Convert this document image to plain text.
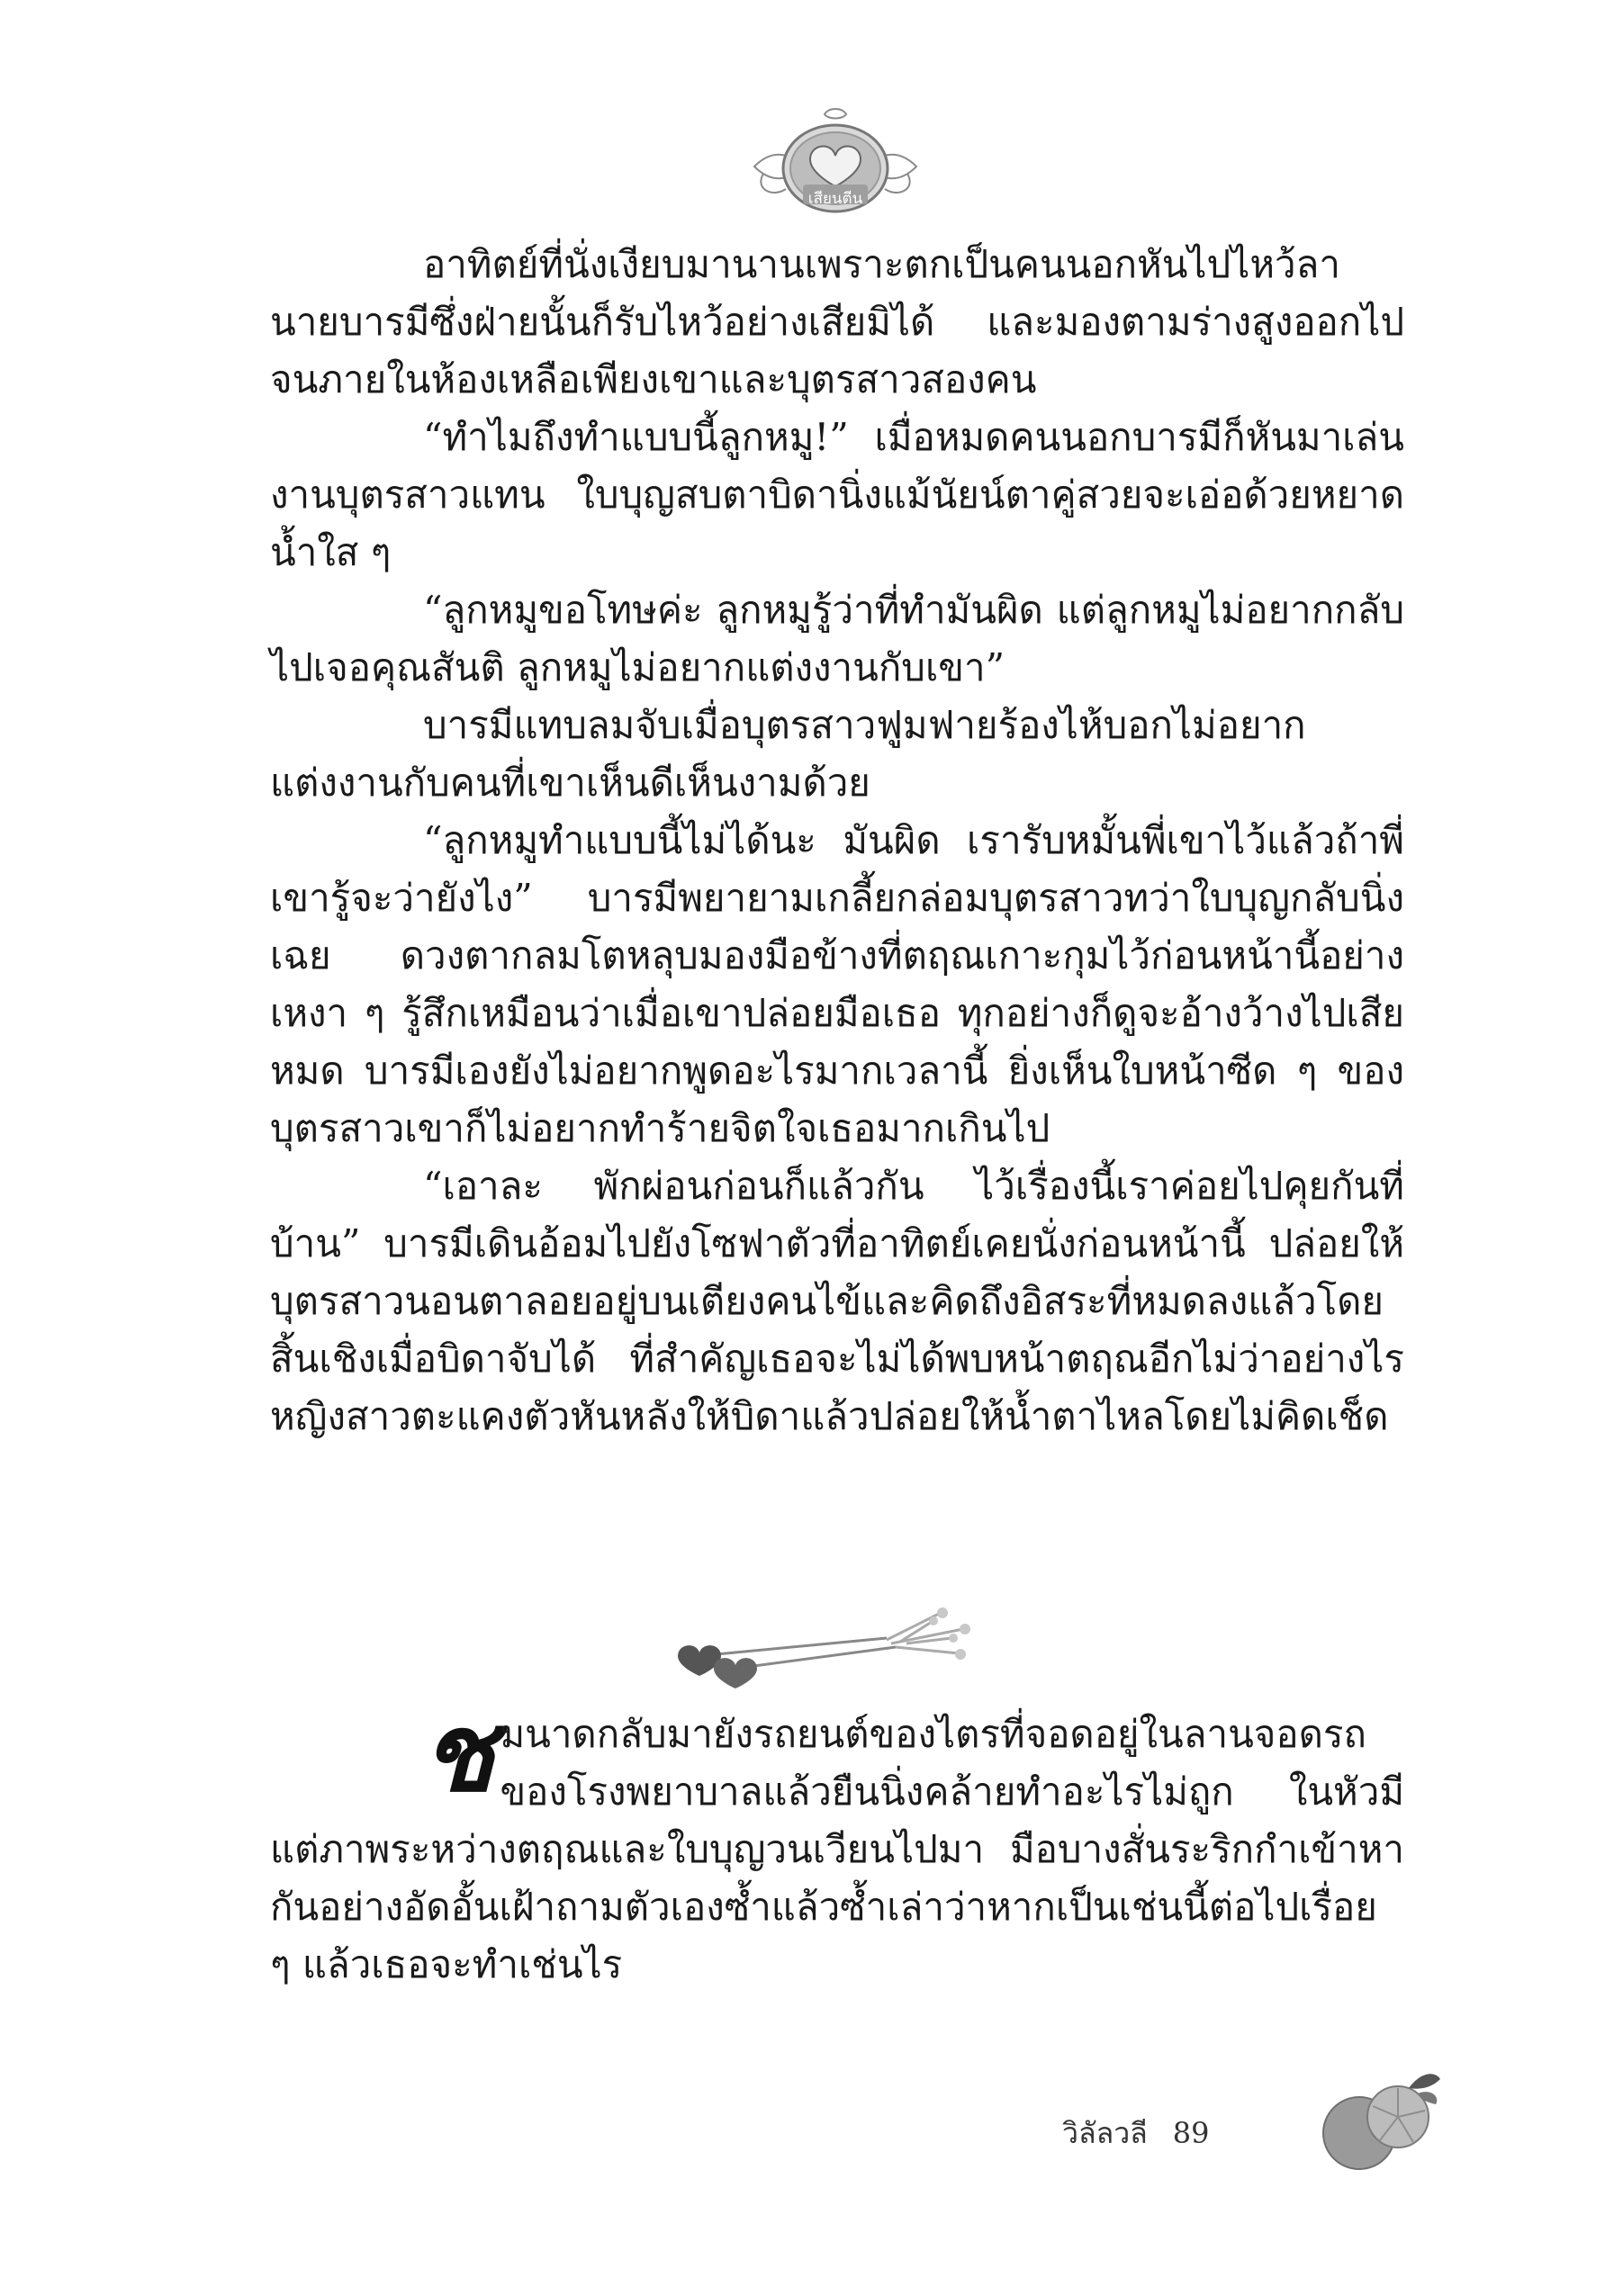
เสียนตีน

อาทิตย์ที่นั่งเงียบมานานเพราะตกเป็นคนนอกหันไปไหว้ลานายบารมีซึ่งฝ่ายนั้นก็รับไหว้อย่างเสียมิได้ และมองตามร่างสูงออกไปจนภายในห้องเหลือเพียงเขาและบุตรสาวสองคน

“ทำไมถึงทำแบบนี้ลูกหมู!” เมื่อหมดคนนอกบารมีก็หันมาเล่นงานบุตรสาวแทน ใบบุญสบตาบิดานิ่งแม้นัยน์ตาคู่สวยจะเอ่อด้วยหยาดน้ำใส ๆ

“ลูกหมูขอโทษค่ะ ลูกหมูรู้ว่าที่ทำมันผิด แต่ลูกหมูไม่อยากกลับไปเจอคุณสันติ ลูกหมูไม่อยากแต่งงานกับเขา”

บารมีแทบลมจับเมื่อบุตรสาวฟูมฟายร้องไห้บอกไม่อยากแต่งงานกับคนที่เขาเห็นดีเห็นงามด้วย

“ลูกหมูทำแบบนี้ไม่ได้นะ มันผิด เรารับหมั้นพี่เขาไว้แล้วถ้าพี่เขารู้จะว่ายังไง” บารมีพยายามเกลี้ยกล่อมบุตรสาวทว่าใบบุญกลับนิ่งเฉย ดวงตากลมโตหลุบมองมือข้างที่ตฤณเกาะกุมไว้ก่อนหน้านี้อย่างเหงา ๆ รู้สึกเหมือนว่าเมื่อเขาปล่อยมือเธอ ทุกอย่างก็ดูจะอ้างว้างไปเสียหมด บารมีเองยังไม่อยากพูดอะไรมากเวลานี้ ยิ่งเห็นใบหน้าซีด ๆ ของบุตรสาวเขาก็ไม่อยากทำร้ายจิตใจเธอมากเกินไป

“เอาละ พักผ่อนก่อนก็แล้วกัน ไว้เรื่องนี้เราค่อยไปคุยกันที่บ้าน” บารมีเดินอ้อมไปยังโซฟาตัวที่อาทิตย์เคยนั่งก่อนหน้านี้ ปล่อยให้บุตรสาวนอนตาลอยอยู่บนเตียงคนไข้และคิดถึงอิสระที่หมดลงแล้วโดยสิ้นเชิงเมื่อบิดาจับได้ ที่สำคัญเธอจะไม่ได้พบหน้าตฤณอีกไม่ว่าอย่างไร หญิงสาวตะแคงตัวหันหลังให้บิดาแล้วปล่อยให้น้ำตาไหลโดยไม่คิดเช็ด

ช มนาดกลับมายังรถยนต์ของไตรที่จอดอยู่ในลานจอดรถของโรงพยาบาลแล้วยืนนิ่งคล้ายทำอะไรไม่ถูก ในหัวมีแต่ภาพระหว่างตฤณและใบบุญวนเวียนไปมา มือบางสั่นระริกกำเข้าหากันอย่างอัดอั้นเฝ้าถามตัวเองซ้ำแล้วซ้ำเล่าว่าหากเป็นเช่นนี้ต่อไปเรื่อย ๆ แล้วเธอจะทำเช่นไร

วิลัลวลี 89
